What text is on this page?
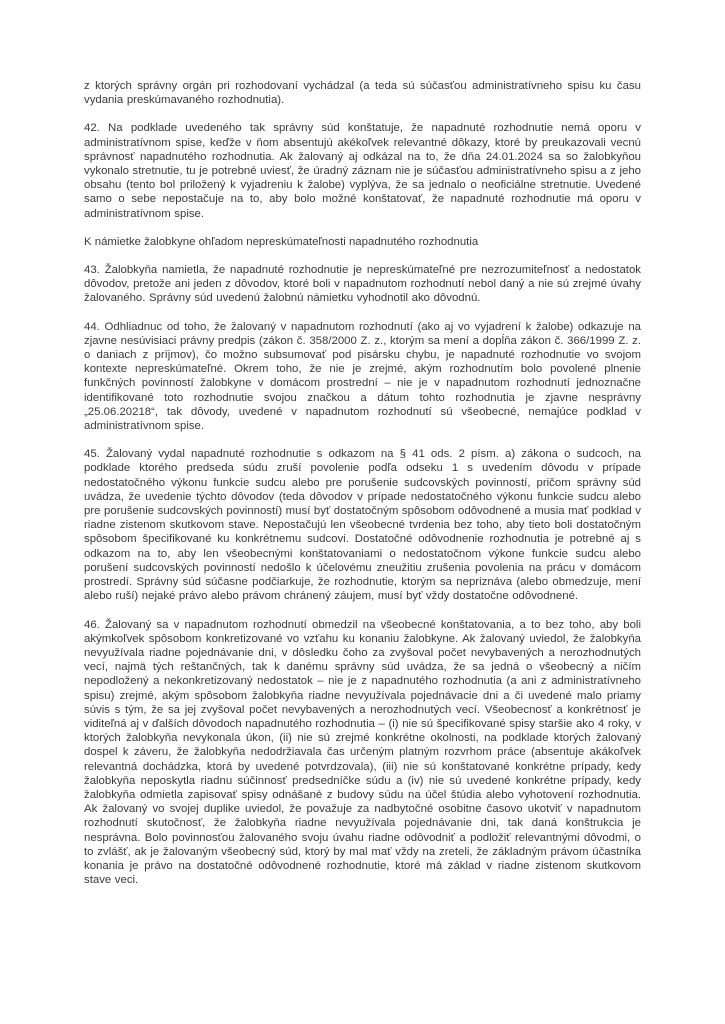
z ktorých správny orgán pri rozhodovaní vychádzal (a teda sú súčasťou administratívneho spisu ku času vydania preskúmavaného rozhodnutia).

42. Na podklade uvedeného tak správny súd konštatuje, že napadnuté rozhodnutie nemá oporu v administratívnom spise, keďže v ňom absentujú akékoľvek relevantné dôkazy, ktoré by preukazovali vecnú správnosť napadnutého rozhodnutia. Ak žalovaný aj odkázal na to, že dňa 24.01.2024 sa so žalobkyňou vykonalo stretnutie, tu je potrebné uviesť, že úradný záznam nie je súčasťou administratívneho spisu a z jeho obsahu (tento bol priložený k vyjadreniu k žalobe) vyplýva, že sa jednalo o neoficiálne stretnutie. Uvedené samo o sebe nepostačuje na to, aby bolo možné konštatovať, že napadnuté rozhodnutie má oporu v administratívnom spise.

K námietke žalobkyne ohľadom nepreskúmateľnosti napadnutého rozhodnutia

43. Žalobkyňa namietla, že napadnuté rozhodnutie je nepreskúmateľné pre nezrozumiteľnosť a nedostatok dôvodov, pretože ani jeden z dôvodov, ktoré boli v napadnutom rozhodnutí nebol daný a nie sú zrejmé úvahy žalovaného. Správny súd uvedenú žalobnú námietku vyhodnotil ako dôvodnú.

44. Odhliadnuc od toho, že žalovaný v napadnutom rozhodnutí (ako aj vo vyjadrení k žalobe) odkazuje na zjavne nesúvisiaci právny predpis (zákon č. 358/2000 Z. z., ktorým sa mení a dopĺňa zákon č. 366/1999 Z. z. o daniach z príjmov), čo možno subsumovať pod pisársku chybu, je napadnuté rozhodnutie vo svojom kontexte nepreskúmateľné. Okrem toho, že nie je zrejmé, akým rozhodnutím bolo povolené plnenie funkčných povinností žalobkyne v domácom prostrední – nie je v napadnutom rozhodnutí jednoznačne identifikované toto rozhodnutie svojou značkou a dátum tohto rozhodnutia je zjavne nesprávny „25.06.20218“, tak dôvody, uvedené v napadnutom rozhodnutí sú všeobecné, nemajúce podklad v administratívnom spise.

45. Žalovaný vydal napadnuté rozhodnutie s odkazom na § 41 ods. 2 písm. a) zákona o sudcoch, na podklade ktorého predseda súdu zruší povolenie podľa odseku 1 s uvedením dôvodu v prípade nedostatočného výkonu funkcie sudcu alebo pre porušenie sudcovských povinností, pričom správny súd uvádza, že uvedenie týchto dôvodov (teda dôvodov v prípade nedostatočného výkonu funkcie sudcu alebo pre porušenie sudcovských povinností) musí byť dostatočným spôsobom odôvodnené a musia mať podklad v riadne zistenom skutkovom stave. Nepostačujú len všeobecné tvrdenia bez toho, aby tieto boli dostatočným spôsobom špecifikované ku konkrétnemu sudcovi. Dostatočné odôvodnenie rozhodnutia je potrebné aj s odkazom na to, aby len všeobecnými konštatovaniami o nedostatočnom výkone funkcie sudcu alebo porušení sudcovských povinností nedošlo k účelovému zneužitiu zrušenia povolenia na prácu v domácom prostredí. Správny súd súčasne podčiarkuje, že rozhodnutie, ktorým sa nepriznáva (alebo obmedzuje, mení alebo ruší) nejaké právo alebo právom chránený záujem, musí byť vždy dostatočne odôvodnené.

46. Žalovaný sa v napadnutom rozhodnutí obmedzil na všeobecné konštatovania, a to bez toho, aby boli akýmkoľvek spôsobom konkretizované vo vzťahu ku konaniu žalobkyne. Ak žalovaný uviedol, že žalobkyňa nevyužívala riadne pojednávanie dni, v dôsledku čoho za zvyšoval počet nevybavených a nerozhodnutých vecí, najmä tých reštančných, tak k danému správny súd uvádza, že sa jedná o všeobecný a ničím nepodložený a nekonkretizovaný nedostatok – nie je z napadnutého rozhodnutia (a ani z administratívneho spisu) zrejmé, akým spôsobom žalobkyňa riadne nevyužívala pojednávacie dni a či uvedené malo priamy súvis s tým, že sa jej zvyšoval počet nevybavených a nerozhodnutých vecí. Všeobecnosť a konkrétnosť je viditeľná aj v ďalších dôvodoch napadnutého rozhodnutia – (i) nie sú špecifikované spisy staršie ako 4 roky, v ktorých žalobkyňa nevykonala úkon, (ii) nie sú zrejmé konkrétne okolnosti, na podklade ktorých žalovaný dospel k záveru, že žalobkyňa nedodržiavala čas určeným platným rozvrhom práce (absentuje akákoľvek relevantná dochádzka, ktorá by uvedené potvrdzovala), (iii) nie sú konštatované konkrétne prípady, kedy žalobkyňa neposkytla riadnu súčinnosť predsedníčke súdu a (iv) nie sú uvedené konkrétne prípady, kedy žalobkyňa odmietla zapisovať spisy odnášané z budovy súdu na účel štúdia alebo vyhotovení rozhodnutia. Ak žalovaný vo svojej duplike uviedol, že považuje za nadbytočné osobitne časovo ukotviť v napadnutom rozhodnutí skutočnosť, že žalobkyňa riadne nevyužívala pojednávanie dni, tak daná konštrukcia je nesprávna. Bolo povinnosťou žalovaného svoju úvahu riadne odôvodniť a podložiť relevantnými dôvodmi, o to zvlášť, ak je žalovaným všeobecný súd, ktorý by mal mať vždy na zreteli, že základným právom účastníka konania je právo na dostatočné odôvodnené rozhodnutie, ktoré má základ v riadne zistenom skutkovom stave veci.
